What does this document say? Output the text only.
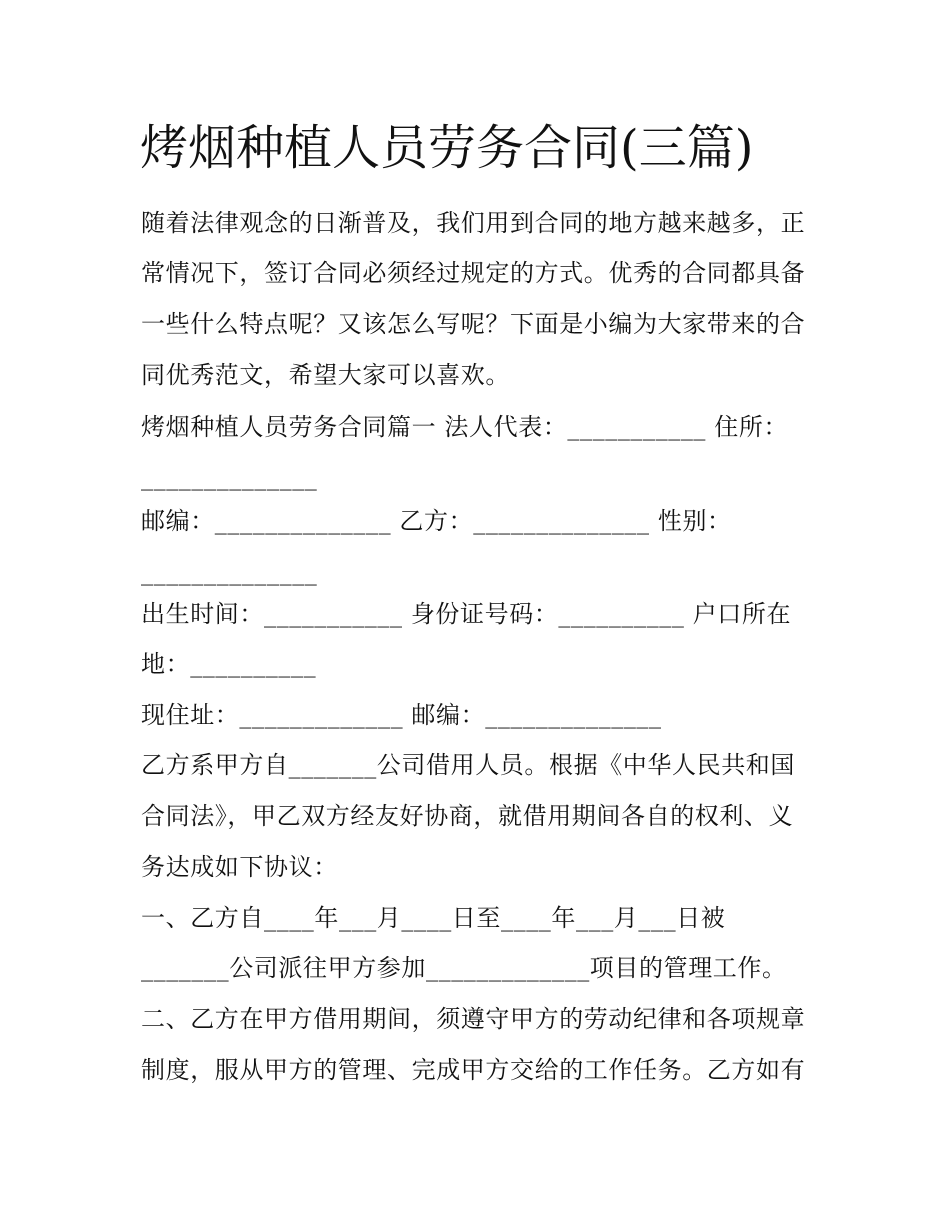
烤烟种植人员劳务合同(三篇)
随着法律观念的日渐普及，我们用到合同的地方越来越多，正
常情况下，签订合同必须经过规定的方式。优秀的合同都具备
一些什么特点呢？又该怎么写呢？下面是小编为大家带来的合
同优秀范文，希望大家可以喜欢。
烤烟种植人员劳务合同篇一 法人代表：___________ 住所：
______________
邮编：______________ 乙方：______________ 性别：
______________
出生时间：___________ 身份证号码：__________ 户口所在
地：__________
现住址：_____________ 邮编：______________
乙方系甲方自_______公司借用人员。根据《中华人民共和国
合同法》，甲乙双方经友好协商，就借用期间各自的权利、义
务达成如下协议：
一、乙方自____年___月____日至____年___月___日被
_______公司派往甲方参加_____________项目的管理工作。
二、乙方在甲方借用期间，须遵守甲方的劳动纪律和各项规章
制度，服从甲方的管理、完成甲方交给的工作任务。乙方如有
